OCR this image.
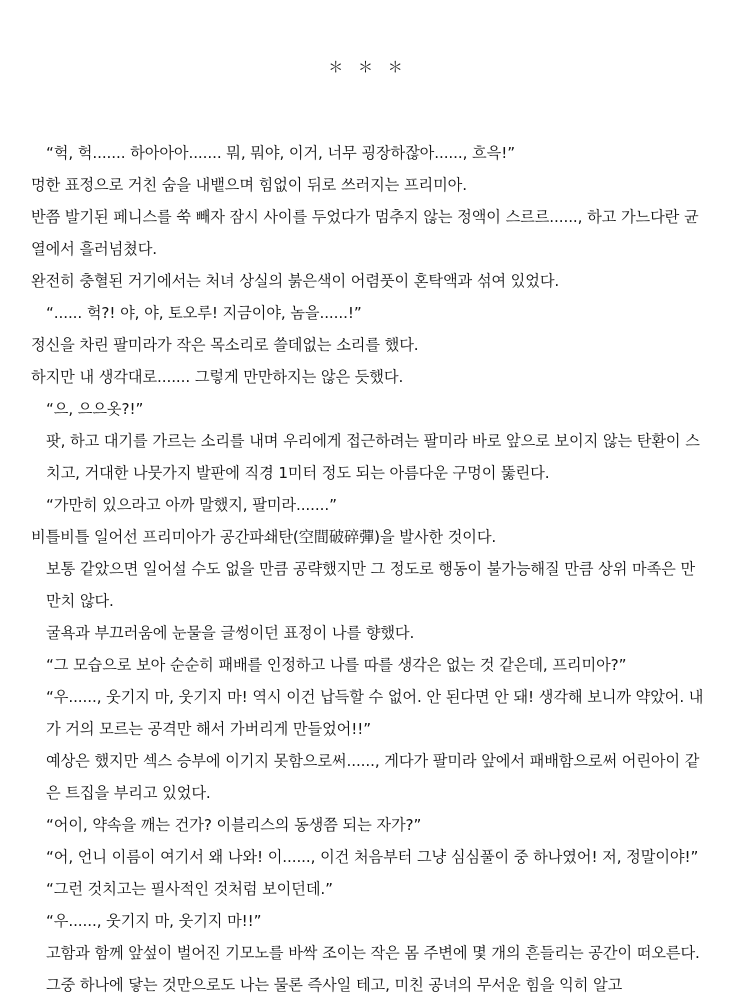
＊ ＊ ＊

“헉, 헉....... 하아아아....... 뭐, 뭐야, 이거, 너무 굉장하잖아......, 흐윽!”

멍한 표정으로 거친 숨을 내뱉으며 힘없이 뒤로 쓰러지는 프리미아.

반쯤 발기된 페니스를 쑥 빼자 잠시 사이를 두었다가 멈추지 않는 정액이 스르르......, 하고 가느다란 균열에서 흘러넘쳤다.

완전히 충혈된 거기에서는 처녀 상실의 붉은색이 어렴풋이 혼탁액과 섞여 있었다.

“...... 헉?! 야, 야, 토오루! 지금이야, 놈을......!”

정신을 차린 팔미라가 작은 목소리로 쓸데없는 소리를 했다.

하지만 내 생각대로....... 그렇게 만만하지는 않은 듯했다.

“으, 으으옷?!”

팟, 하고 대기를 가르는 소리를 내며 우리에게 접근하려는 팔미라 바로 앞으로 보이지 않는 탄환이 스치고, 거대한 나뭇가지 발판에 직경 1미터 정도 되는 아름다운 구멍이 뚫린다.

“가만히 있으라고 아까 말했지, 팔미라.......”

비틀비틀 일어선 프리미아가 공간파쇄탄(空間破碎彈)을 발사한 것이다.

보통 같았으면 일어설 수도 없을 만큼 공략했지만 그 정도로 행동이 불가능해질 만큼 상위 마족은 만만치 않다.

굴욕과 부끄러움에 눈물을 글썽이던 표정이 나를 향했다.

“그 모습으로 보아 순순히 패배를 인정하고 나를 따를 생각은 없는 것 같은데, 프리미아?”

“우......, 웃기지 마, 웃기지 마! 역시 이건 납득할 수 없어. 안 된다면 안 돼! 생각해 보니까 약았어. 내가 거의 모르는 공격만 해서 가버리게 만들었어!!”

예상은 했지만 섹스 승부에 이기지 못함으로써......, 게다가 팔미라 앞에서 패배함으로써 어린아이 같은 트집을 부리고 있었다.

“어이, 약속을 깨는 건가? 이블리스의 동생쯤 되는 자가?”

“어, 언니 이름이 여기서 왜 나와! 이......, 이건 처음부터 그냥 심심풀이 중 하나였어! 저, 정말이야!”

“그런 것치고는 필사적인 것처럼 보이던데.”

“우......, 웃기지 마, 웃기지 마!!”

고함과 함께 앞섶이 벌어진 기모노를 바싹 조이는 작은 몸 주변에 몇 개의 흔들리는 공간이 떠오른다.

그중 하나에 닿는 것만으로도 나는 물론 즉사일 테고, 미친 공녀의 무서운 힘을 익히 알고
